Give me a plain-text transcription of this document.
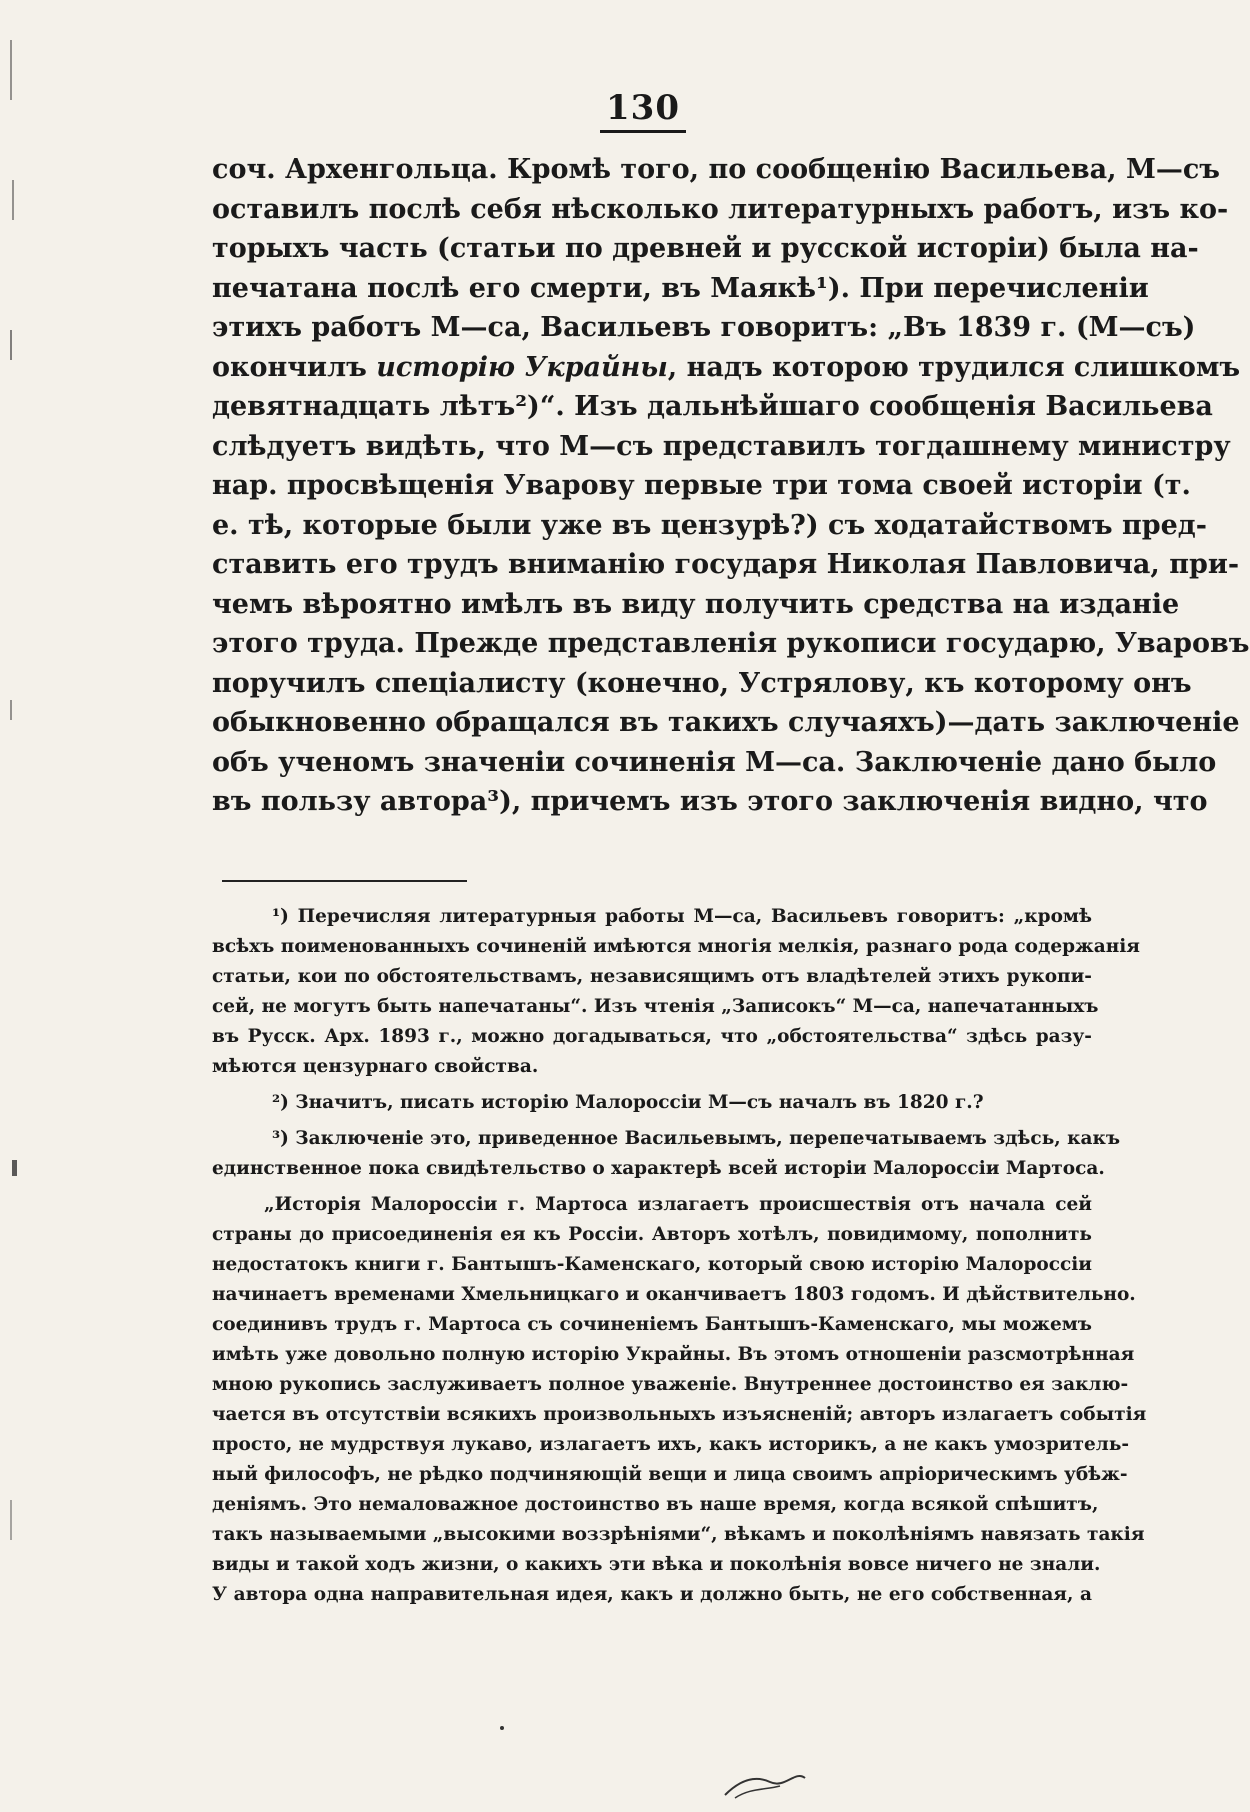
130
соч. Архенгольца. Кромѣ того, по сообщенію Васильева, М—съ
оставилъ послѣ себя нѣсколько литературныхъ работъ, изъ ко-
торыхъ часть (статьи по древней и русской исторіи) была на-
печатана послѣ его смерти, въ Маякѣ¹). При перечисленіи
этихъ работъ М—са, Васильевъ говоритъ: „Въ 1839 г. (М—съ)
окончилъ исторію Украйны, надъ которою трудился слишкомъ
девятнадцать лѣтъ²)“. Изъ дальнѣйшаго сообщенія Васильева
слѣдуетъ видѣть, что М—съ представилъ тогдашнему министру
нар. просвѣщенія Уварову первые три тома своей исторіи (т.
е. тѣ, которые были уже въ цензурѣ?) съ ходатайствомъ пред-
ставить его трудъ вниманію государя Николая Павловича, при-
чемъ вѣроятно имѣлъ въ виду получить средства на изданіе
этого труда. Прежде представленія рукописи государю, Уваровъ
поручилъ спеціалисту (конечно, Устрялову, къ которому онъ
обыкновенно обращался въ такихъ случаяхъ)—дать заключеніе
объ ученомъ значеніи сочиненія М—са. Заключеніе дано было
въ пользу автора³), причемъ изъ этого заключенія видно, что
¹) Перечисляя литературныя работы М—са, Васильевъ говоритъ: „кромѣ
всѣхъ поименованныхъ сочиненій имѣются многія мелкія, разнаго рода содержанія
статьи, кои по обстоятельствамъ, независящимъ отъ владѣтелей этихъ рукопи-
сей, не могутъ быть напечатаны“. Изъ чтенія „Записокъ“ М—са, напечатанныхъ
въ Русск. Арх. 1893 г., можно догадываться, что „обстоятельства“ здѣсь разу-
мѣются цензурнаго свойства.
²) Значитъ, писать исторію Малороссіи М—съ началъ въ 1820 г.?
³) Заключеніе это, приведенное Васильевымъ, перепечатываемъ здѣсь, какъ
единственное пока свидѣтельство о характерѣ всей исторіи Малороссіи Мартоса.
„Исторія Малороссіи г. Мартоса излагаетъ происшествія отъ начала сей
страны до присоединенія ея къ Россіи. Авторъ хотѣлъ, повидимому, пополнить
недостатокъ книги г. Бантышъ-Каменскаго, который свою исторію Малороссіи
начинаетъ временами Хмельницкаго и оканчиваетъ 1803 годомъ. И дѣйствительно.
соединивъ трудъ г. Мартоса съ сочиненіемъ Бантышъ-Каменскаго, мы можемъ
имѣть уже довольно полную исторію Украйны. Въ этомъ отношеніи разсмотрѣнная
мною рукопись заслуживаетъ полное уваженіе. Внутреннее достоинство ея заклю-
чается въ отсутствіи всякихъ произвольныхъ изъясненій; авторъ излагаетъ событія
просто, не мудрствуя лукаво, излагаетъ ихъ, какъ историкъ, а не какъ умозритель-
ный философъ, не рѣдко подчиняющій вещи и лица своимъ апріорическимъ убѣж-
деніямъ. Это немаловажное достоинство въ наше время, когда всякой спѣшитъ,
такъ называемыми „высокими воззрѣніями“, вѣкамъ и поколѣніямъ навязать такія
виды и такой ходъ жизни, о какихъ эти вѣка и поколѣнія вовсе ничего не знали.
У автора одна направительная идея, какъ и должно быть, не его собственная, а
